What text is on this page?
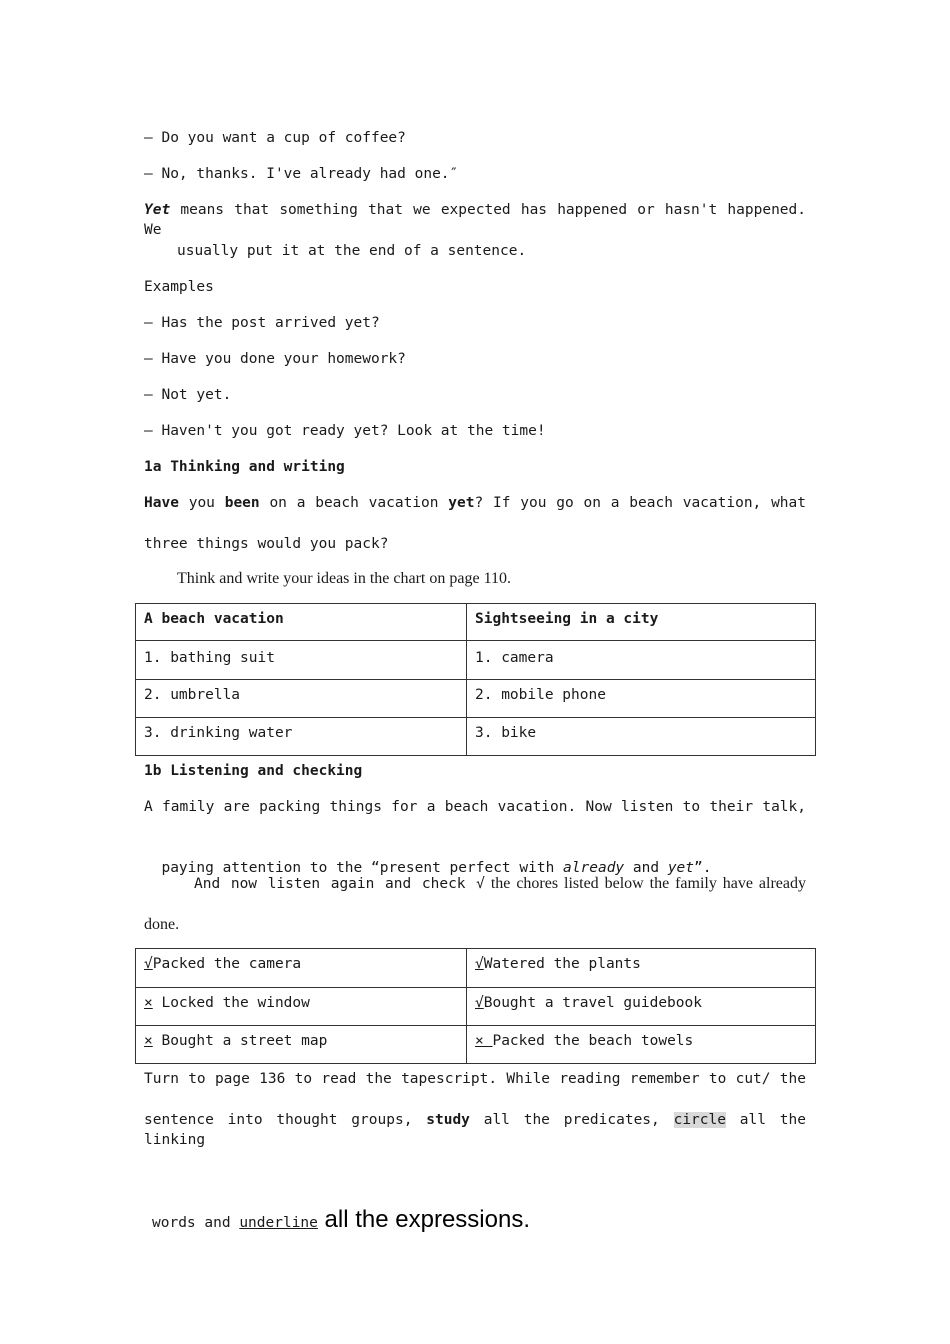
— Do you want a cup of coffee?
— No, thanks. I've already had one.″
Yet means that something that we expected has happened or hasn't happened. We
usually put it at the end of a sentence.
Examples
— Has the post arrived yet?
— Have you done your homework?
— Not yet.
— Haven't you got ready yet? Look at the time!
1a Thinking and writing
Have you been on a beach vacation yet? If you go on a beach vacation, what
three things would you pack?
Think and write your ideas in the chart on page 110.
A beach vacation	Sightseeing in a city
1. bathing suit	1. camera
2. umbrella	2. mobile phone
3. drinking water	3. bike
1b Listening and checking
A family are packing things for a beach vacation. Now listen to their talk,

paying attention to the “present perfect with already and yet”.

And now listen again and check √ the chores listed below the family have already
done.
√Packed the camera	√Watered the plants
× Locked the window	√Bought a travel guidebook
× Bought a street map	× Packed the beach towels
Turn to page 136 to read the tapescript. While reading remember to cut/ the
sentence into thought groups, study all the predicates, circle all the linking

words and underline all the expressions.
